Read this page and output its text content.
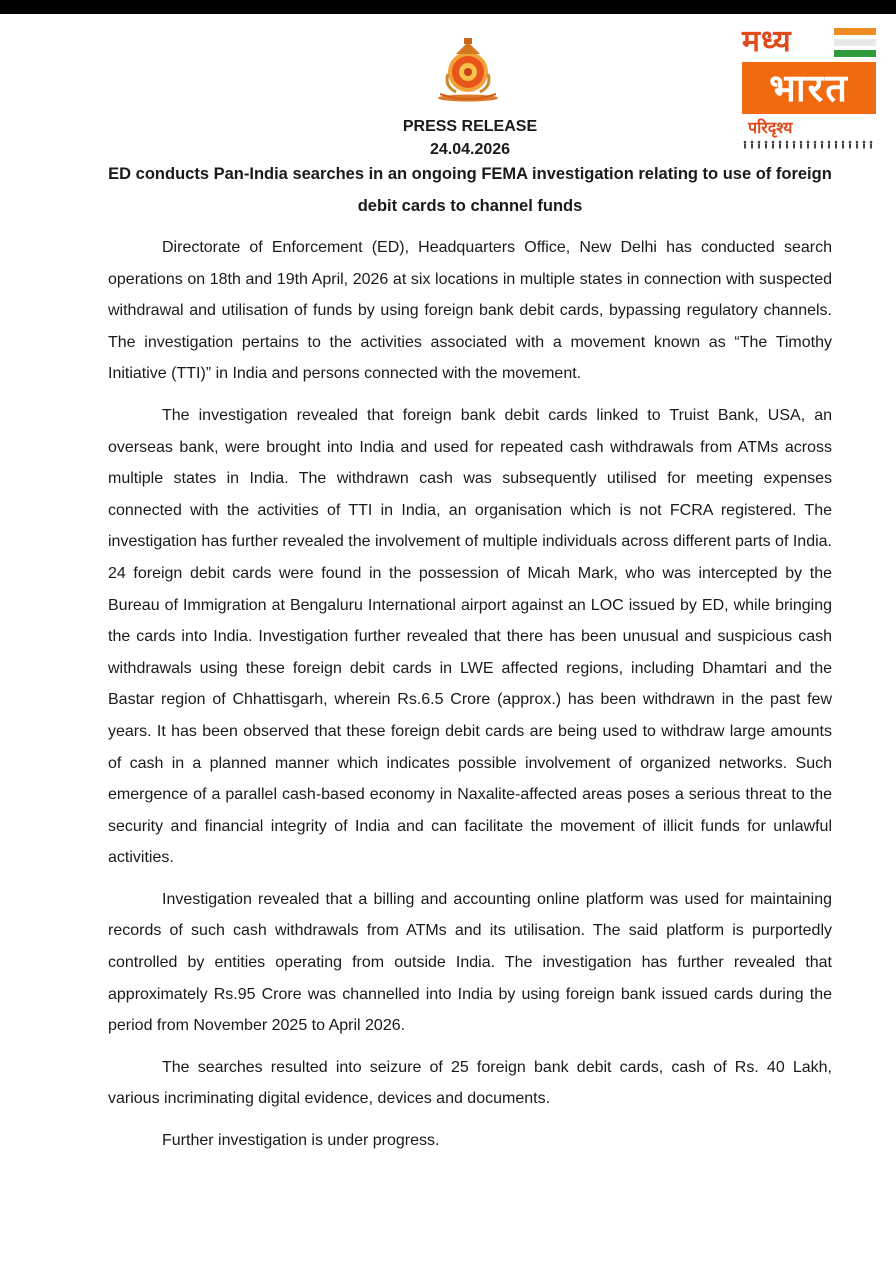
मध्य
भारत
परिदृश्य
PRESS RELEASE
24.04.2026
ED conducts Pan-India searches in an ongoing FEMA investigation relating to use of foreign debit cards to channel funds

Directorate of Enforcement (ED), Headquarters Office, New Delhi has conducted search operations on 18th and 19th April, 2026 at six locations in multiple states in connection with suspected withdrawal and utilisation of funds by using foreign bank debit cards, bypassing regulatory channels. The investigation pertains to the activities associated with a movement known as “The Timothy Initiative (TTI)” in India and persons connected with the movement.

The investigation revealed that foreign bank debit cards linked to Truist Bank, USA, an overseas bank, were brought into India and used for repeated cash withdrawals from ATMs across multiple states in India. The withdrawn cash was subsequently utilised for meeting expenses connected with the activities of TTI in India, an organisation which is not FCRA registered. The investigation has further revealed the involvement of multiple individuals across different parts of India. 24 foreign debit cards were found in the possession of Micah Mark, who was intercepted by the Bureau of Immigration at Bengaluru International airport against an LOC issued by ED, while bringing the cards into India. Investigation further revealed that there has been unusual and suspicious cash withdrawals using these foreign debit cards in LWE affected regions, including Dhamtari and the Bastar region of Chhattisgarh, wherein Rs.6.5 Crore (approx.) has been withdrawn in the past few years. It has been observed that these foreign debit cards are being used to withdraw large amounts of cash in a planned manner which indicates possible involvement of organized networks. Such emergence of a parallel cash-based economy in Naxalite-affected areas poses a serious threat to the security and financial integrity of India and can facilitate the movement of illicit funds for unlawful activities.

Investigation revealed that a billing and accounting online platform was used for maintaining records of such cash withdrawals from ATMs and its utilisation. The said platform is purportedly controlled by entities operating from outside India. The investigation has further revealed that approximately Rs.95 Crore was channelled into India by using foreign bank issued cards during the period from November 2025 to April 2026.

The searches resulted into seizure of 25 foreign bank debit cards, cash of Rs. 40 Lakh, various incriminating digital evidence, devices and documents.

Further investigation is under progress.
